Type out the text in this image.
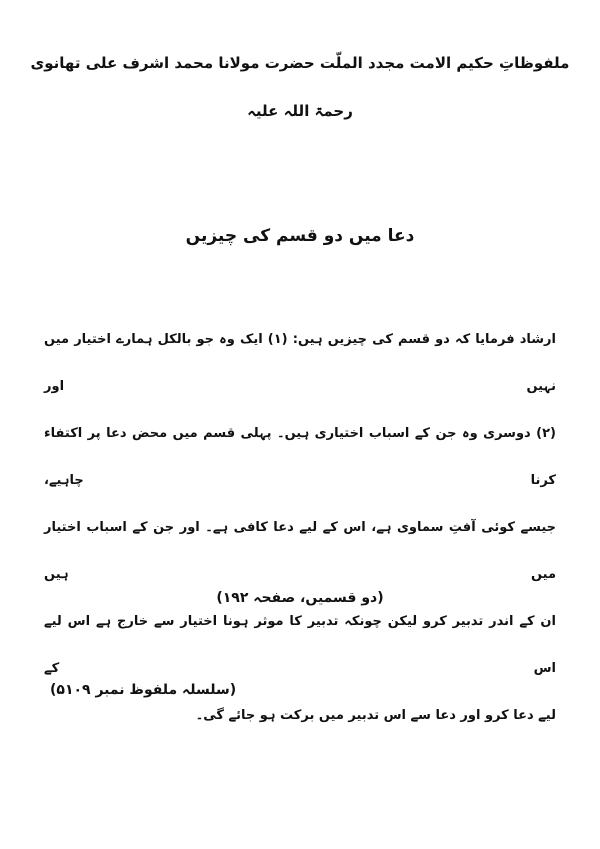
ملفوظاتِ حکیم الامت مجدد الملّت حضرت مولانا محمد اشرف علی تھانوی
رحمۃ اللہ علیہ
دعا میں دو قسم کی چیزیں
ارشاد فرمایا کہ دو قسم کی چیزیں ہیں: (۱) ایک وہ جو بالکل ہمارے اختیار میں نہیں اور
(۲) دوسری وہ جن کے اسباب اختیاری ہیں۔ پہلی قسم میں محض دعا پر اکتفاء کرنا چاہیے،
جیسے کوئی آفتِ سماوی ہے، اس کے لیے دعا کافی ہے۔ اور جن کے اسباب اختیار میں ہیں
ان کے اندر تدبیر کرو لیکن چونکہ تدبیر کا موثر ہونا اختیار سے خارج ہے اس لیے اس کے
لیے دعا کرو اور دعا سے اس تدبیر میں برکت ہو جائے گی۔
(دو قسمیں، صفحہ ۱۹۲)
(سلسلہ ملفوظ نمبر ۵۱۰۹)
